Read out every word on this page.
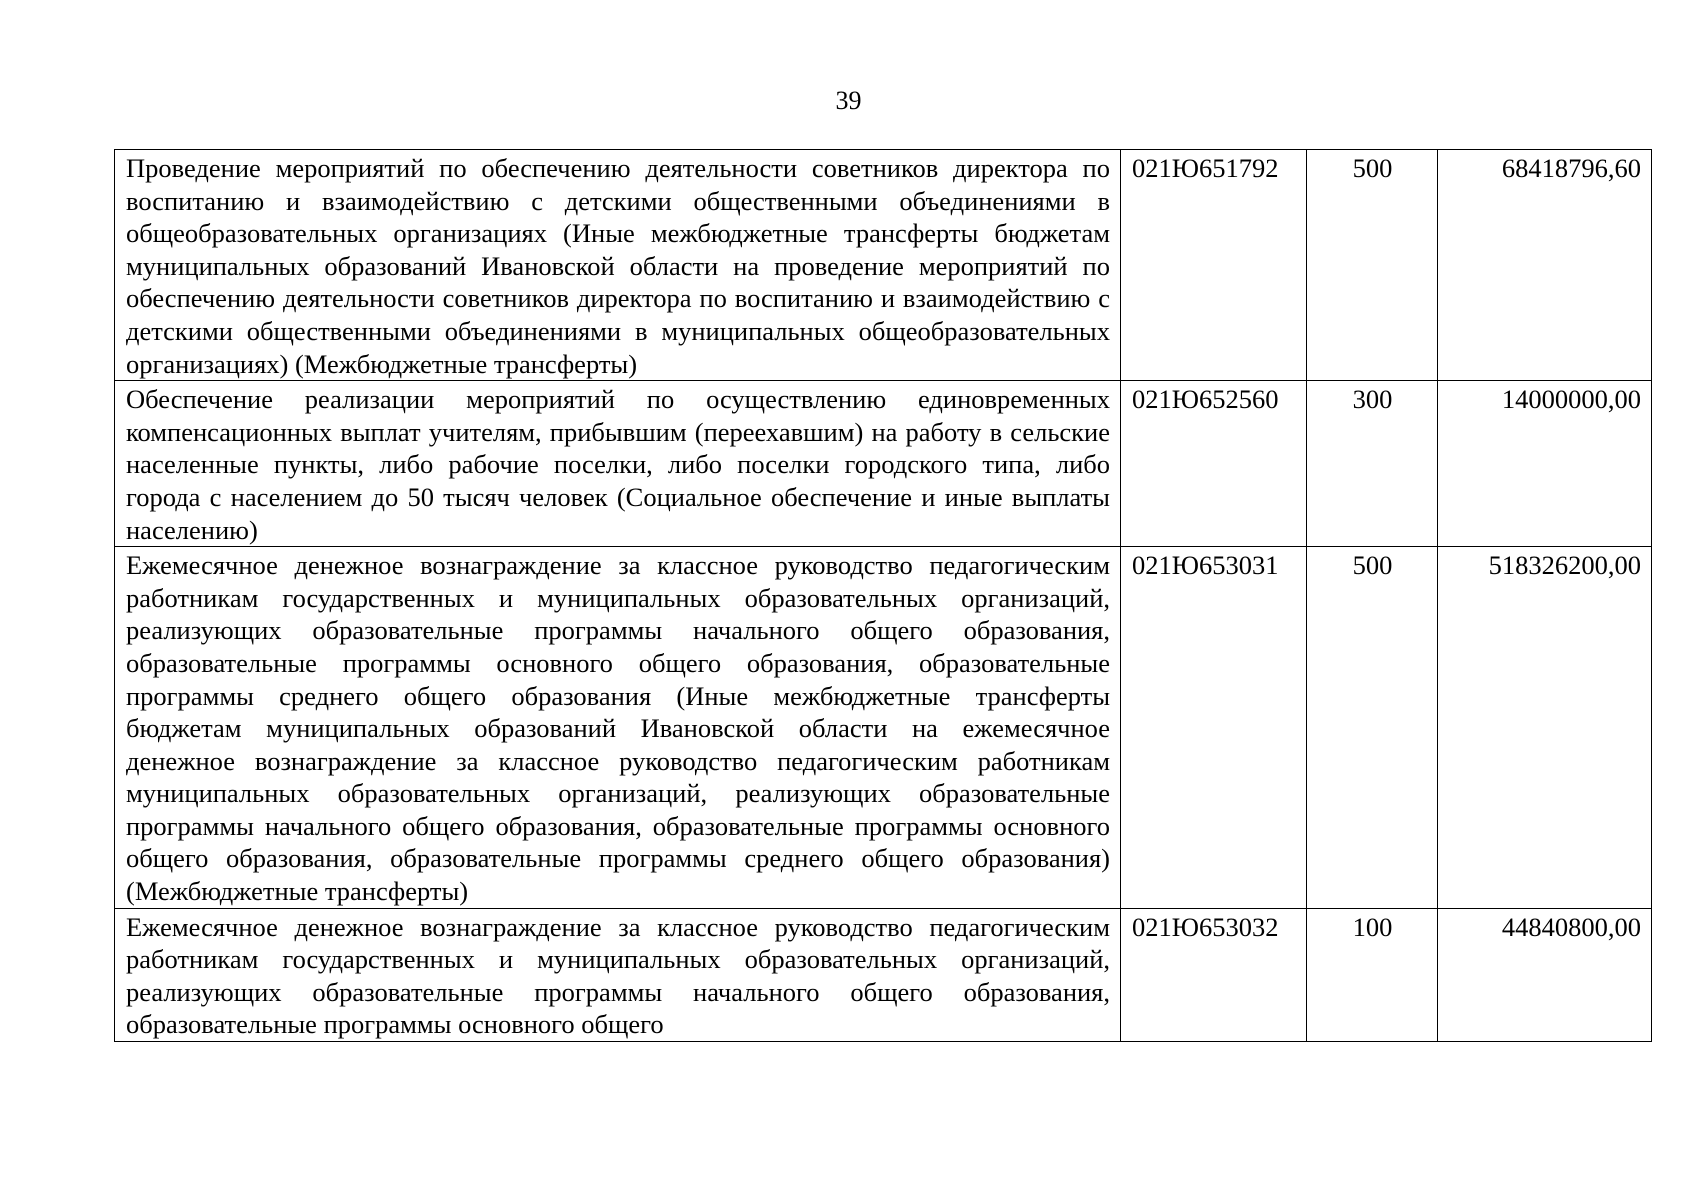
39
Проведение мероприятий по обеспечению деятельности советников директора по воспитанию и взаимодействию с детскими общественными объединениями в общеобразовательных организациях (Иные межбюджетные трансферты бюджетам муниципальных образований Ивановской области на проведение мероприятий по обеспечению деятельности советников директора по воспитанию и взаимодействию с детскими общественными объединениями в муниципальных общеобразовательных организациях) (Межбюджетные трансферты)	021Ю651792	500	68418796,60
Обеспечение реализации мероприятий по осуществлению единовременных компенсационных выплат учителям, прибывшим (переехавшим) на работу в сельские населенные пункты, либо рабочие поселки, либо поселки городского типа, либо города с населением до 50 тысяч человек (Социальное обеспечение и иные выплаты населению)	021Ю652560	300	14000000,00
Ежемесячное денежное вознаграждение за классное руководство педагогическим работникам государственных и муниципальных образовательных организаций, реализующих образовательные программы начального общего образования, образовательные программы основного общего образования, образовательные программы среднего общего образования (Иные межбюджетные трансферты бюджетам муниципальных образований Ивановской области на ежемесячное денежное вознаграждение за классное руководство педагогическим работникам муниципальных образовательных организаций, реализующих образовательные программы начального общего образования, образовательные программы основного общего образования, образовательные программы среднего общего образования) (Межбюджетные трансферты)	021Ю653031	500	518326200,00
Ежемесячное денежное вознаграждение за классное руководство педагогическим работникам государственных и муниципальных образовательных организаций, реализующих образовательные программы начального общего образования, образовательные программы основного общего	021Ю653032	100	44840800,00
